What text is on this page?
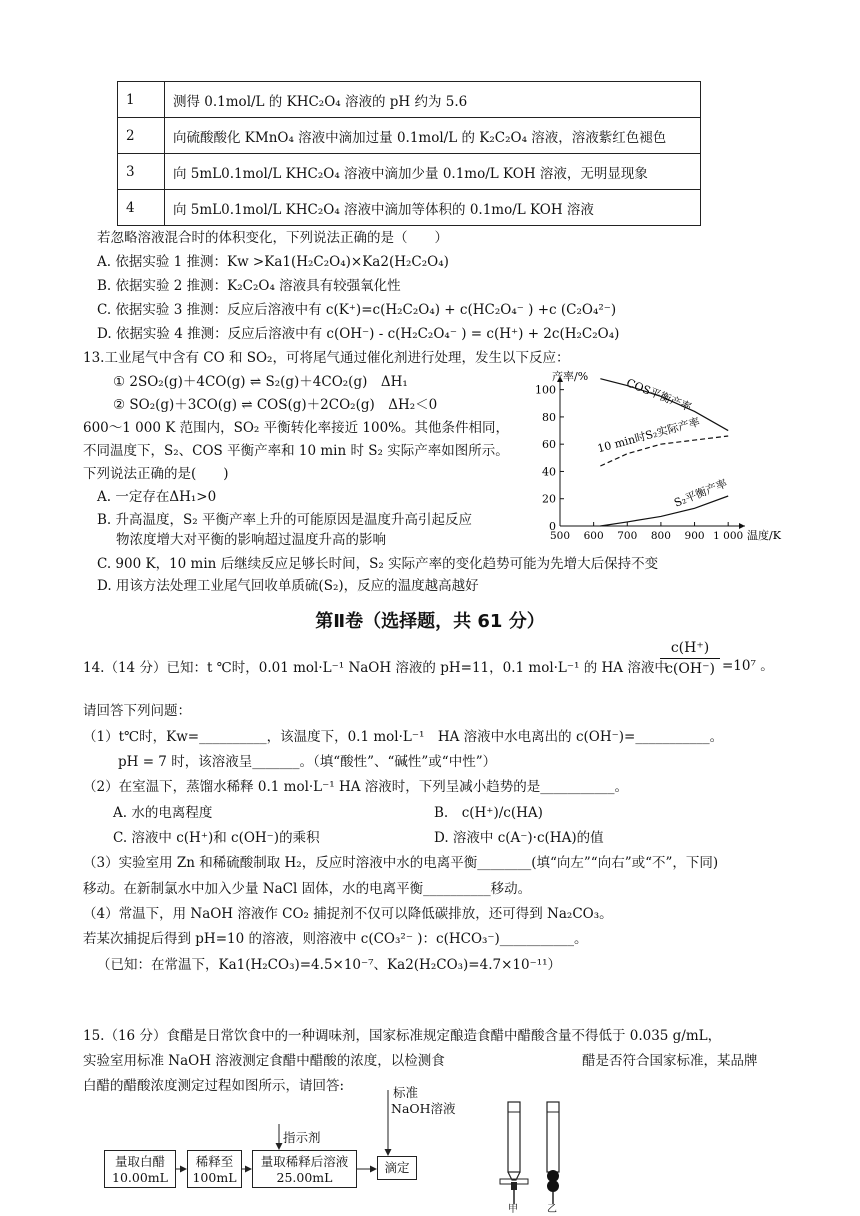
1	测得 0.1mol/L 的 KHC₂O₄ 溶液的 pH 约为 5.6
2	向硫酸酸化 KMnO₄ 溶液中滴加过量 0.1mol/L 的 K₂C₂O₄ 溶液，溶液紫红色褪色
3	向 5mL0.1mol/L KHC₂O₄ 溶液中滴加少量 0.1mo/L KOH 溶液，无明显现象
4	向 5mL0.1mol/L KHC₂O₄ 溶液中滴加等体积的 0.1mo/L KOH 溶液
若忽略溶液混合时的体积变化，下列说法正确的是（　　）
A. 依据实验 1 推测：Kw >Ka1(H₂C₂O₄)×Ka2(H₂C₂O₄)
B. 依据实验 2 推测：K₂C₂O₄ 溶液具有较强氧化性
C. 依据实验 3 推测：反应后溶液中有 c(K⁺)=c(H₂C₂O₄) + c(HC₂O₄⁻ ) +c (C₂O₄²⁻)
D. 依据实验 4 推测：反应后溶液中有 c(OH⁻) - c(H₂C₂O₄⁻ ) = c(H⁺) + 2c(H₂C₂O₄)
13.工业尾气中含有 CO 和 SO₂，可将尾气通过催化剂进行处理，发生以下反应：
① 2SO₂(g)＋4CO(g) ⇌ S₂(g)＋4CO₂(g)　ΔH₁
② SO₂(g)＋3CO(g) ⇌ COS(g)＋2CO₂(g)　ΔH₂＜0
600～1 000 K 范围内，SO₂ 平衡转化率接近 100%。其他条件相同，
不同温度下，S₂、COS 平衡产率和 10 min 时 S₂ 实际产率如图所示。
下列说法正确的是(　　)
A. 一定存在ΔH₁>0
B. 升高温度，S₂ 平衡产率上升的可能原因是温度升高引起反应
物浓度增大对平衡的影响超过温度升高的影响
C. 900 K，10 min 后继续反应足够长时间，S₂ 实际产率的变化趋势可能为先增大后保持不变
D. 用该方法处理工业尾气回收单质硫(S₂)，反应的温度越高越好
0
20
40
60
80
100
500 600 700 800 900 1 000 温度/K
产率/%	COS平衡产率
10 min时S₂实际产率
S₂平衡产率
第Ⅱ卷（选择题，共 61 分）
14.（14 分）已知：t ℃时，0.01 mol·L⁻¹ NaOH 溶液的 pH=11，0.1 mol·L⁻¹ 的 HA 溶液中
c(H⁺)
c(OH⁻) =10⁷ 。
请回答下列问题：
（1）t℃时，Kw=__________，该温度下，0.1 mol·L⁻¹　HA 溶液中水电离出的 c(OH⁻)=___________。
pH = 7 时，该溶液呈_______。（填“酸性”、“碱性”或“中性”）
（2）在室温下，蒸馏水稀释 0.1 mol·L⁻¹ HA 溶液时，下列呈减小趋势的是___________。
A. 水的电离程度	B.　c(H⁺)/c(HA)
C. 溶液中 c(H⁺)和 c(OH⁻)的乘积	D. 溶液中 c(A⁻)·c(HA)的值
（3）实验室用 Zn 和稀硫酸制取 H₂，反应时溶液中水的电离平衡________(填“向左”“向右”或“不”，下同)
移动。在新制氯水中加入少量 NaCl 固体，水的电离平衡__________移动。
（4）常温下，用 NaOH 溶液作 CO₂ 捕捉剂不仅可以降低碳排放，还可得到 Na₂CO₃。
若某次捕捉后得到 pH=10 的溶液，则溶液中 c(CO₃²⁻ )：c(HCO₃⁻)___________。
（已知：在常温下，Ka1(H₂CO₃)=4.5×10⁻⁷、Ka2(H₂CO₃)=4.7×10⁻¹¹）
15.（16 分）食醋是日常饮食中的一种调味剂，国家标准规定酿造食醋中醋酸含量不得低于 0.035 g/mL，
实验室用标准 NaOH 溶液测定食醋中醋酸的浓度，以检测食	醋是否符合国家标准，某品牌
白醋的醋酸浓度测定过程如图所示，请回答:
量取白醋
10.00mL
稀释至
100mL
量取稀释后溶液
25.00mL
滴定
指示剂
标准
NaOH溶液
甲	乙
